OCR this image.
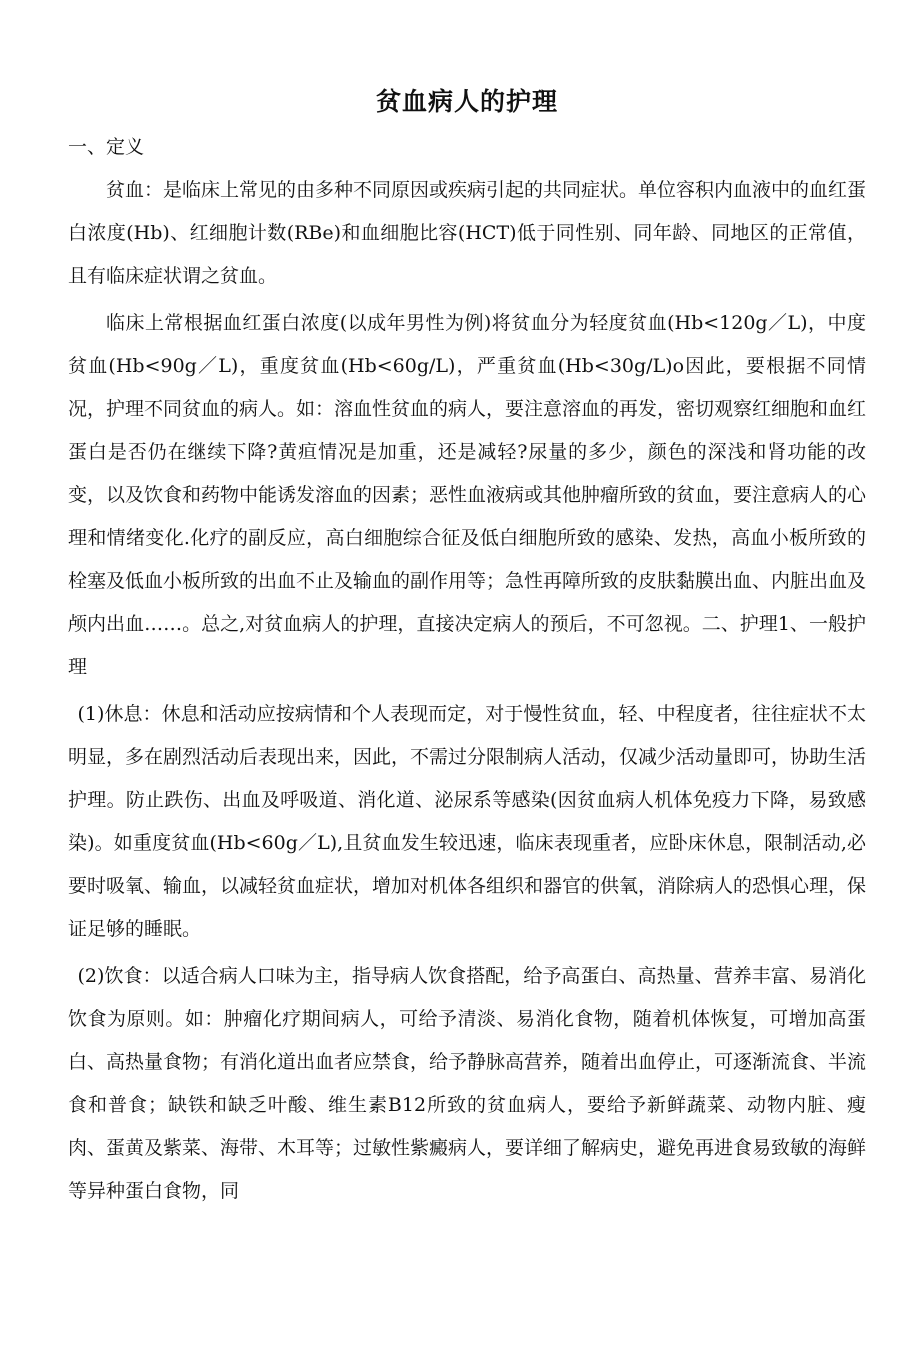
贫血病人的护理

一、定义

贫血：是临床上常见的由多种不同原因或疾病引起的共同症状。单位容积内血液中的血红蛋白浓度(Hb)、红细胞计数(RBe)和血细胞比容(HCT)低于同性别、同年龄、同地区的正常值，且有临床症状谓之贫血。

临床上常根据血红蛋白浓度(以成年男性为例)将贫血分为轻度贫血(Hb<120g／L)，中度贫血(Hb<90g／L)，重度贫血(Hb<60g/L)，严重贫血(Hb<30g/L)o因此，要根据不同情况，护理不同贫血的病人。如：溶血性贫血的病人，要注意溶血的再发，密切观察红细胞和血红蛋白是否仍在继续下降?黄疸情况是加重，还是减轻?尿量的多少，颜色的深浅和肾功能的改变，以及饮食和药物中能诱发溶血的因素；恶性血液病或其他肿瘤所致的贫血，要注意病人的心理和情绪变化.化疗的副反应，高白细胞综合征及低白细胞所致的感染、发热，高血小板所致的栓塞及低血小板所致的出血不止及输血的副作用等；急性再障所致的皮肤黏膜出血、内脏出血及颅内出血……。总之,对贫血病人的护理，直接决定病人的预后，不可忽视。二、护理1、一般护理

(1)休息：休息和活动应按病情和个人表现而定，对于慢性贫血，轻、中程度者，往往症状不太明显，多在剧烈活动后表现出来，因此，不需过分限制病人活动，仅减少活动量即可，协助生活护理。防止跌伤、出血及呼吸道、消化道、泌尿系等感染(因贫血病人机体免疫力下降，易致感染)。如重度贫血(Hb<60g／L),且贫血发生较迅速，临床表现重者，应卧床休息，限制活动,必要时吸氧、输血，以减轻贫血症状，增加对机体各组织和器官的供氧，消除病人的恐惧心理，保证足够的睡眠。

(2)饮食：以适合病人口味为主，指导病人饮食搭配，给予高蛋白、高热量、营养丰富、易消化饮食为原则。如：肿瘤化疗期间病人，可给予清淡、易消化食物，随着机体恢复，可增加高蛋白、高热量食物；有消化道出血者应禁食，给予静脉高营养，随着出血停止，可逐渐流食、半流食和普食；缺铁和缺乏叶酸、维生素B12所致的贫血病人，要给予新鲜蔬菜、动物内脏、瘦肉、蛋黄及紫菜、海带、木耳等；过敏性紫癜病人，要详细了解病史，避免再进食易致敏的海鲜等异种蛋白食物，同
